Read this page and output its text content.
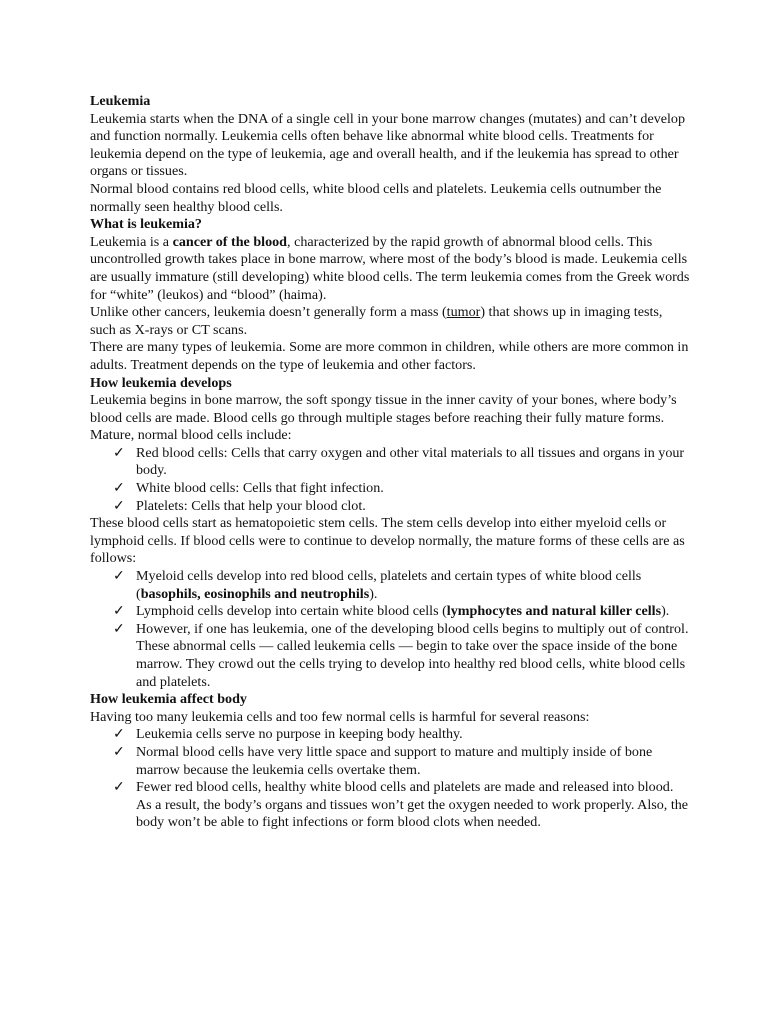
Leukemia

Leukemia starts when the DNA of a single cell in your bone marrow changes (mutates) and can’t develop and function normally. Leukemia cells often behave like abnormal white blood cells. Treatments for leukemia depend on the type of leukemia, age and overall health, and if the leukemia has spread to other organs or tissues.

Normal blood contains red blood cells, white blood cells and platelets. Leukemia cells outnumber the normally seen healthy blood cells.

What is leukemia?

Leukemia is a cancer of the blood, characterized by the rapid growth of abnormal blood cells. This uncontrolled growth takes place in bone marrow, where most of the body’s blood is made. Leukemia cells are usually immature (still developing) white blood cells. The term leukemia comes from the Greek words for “white” (leukos) and “blood” (haima).

Unlike other cancers, leukemia doesn’t generally form a mass (tumor) that shows up in imaging tests, such as X-rays or CT scans.

There are many types of leukemia. Some are more common in children, while others are more common in adults. Treatment depends on the type of leukemia and other factors.

How leukemia develops

Leukemia begins in bone marrow, the soft spongy tissue in the inner cavity of your bones, where body’s blood cells are made. Blood cells go through multiple stages before reaching their fully mature forms. Mature, normal blood cells include:

✓ Red blood cells: Cells that carry oxygen and other vital materials to all tissues and organs in your body.
✓ White blood cells: Cells that fight infection.
✓ Platelets: Cells that help your blood clot.

These blood cells start as hematopoietic stem cells. The stem cells develop into either myeloid cells or lymphoid cells. If blood cells were to continue to develop normally, the mature forms of these cells are as follows:

✓ Myeloid cells develop into red blood cells, platelets and certain types of white blood cells (basophils, eosinophils and neutrophils).
✓ Lymphoid cells develop into certain white blood cells (lymphocytes and natural killer cells).
✓ However, if one has leukemia, one of the developing blood cells begins to multiply out of control. These abnormal cells — called leukemia cells — begin to take over the space inside of the bone marrow. They crowd out the cells trying to develop into healthy red blood cells, white blood cells and platelets.

How leukemia affect body

Having too many leukemia cells and too few normal cells is harmful for several reasons:

✓ Leukemia cells serve no purpose in keeping body healthy.
✓ Normal blood cells have very little space and support to mature and multiply inside of bone marrow because the leukemia cells overtake them.
✓ Fewer red blood cells, healthy white blood cells and platelets are made and released into blood. As a result, the body’s organs and tissues won’t get the oxygen needed to work properly. Also, the body won’t be able to fight infections or form blood clots when needed.
